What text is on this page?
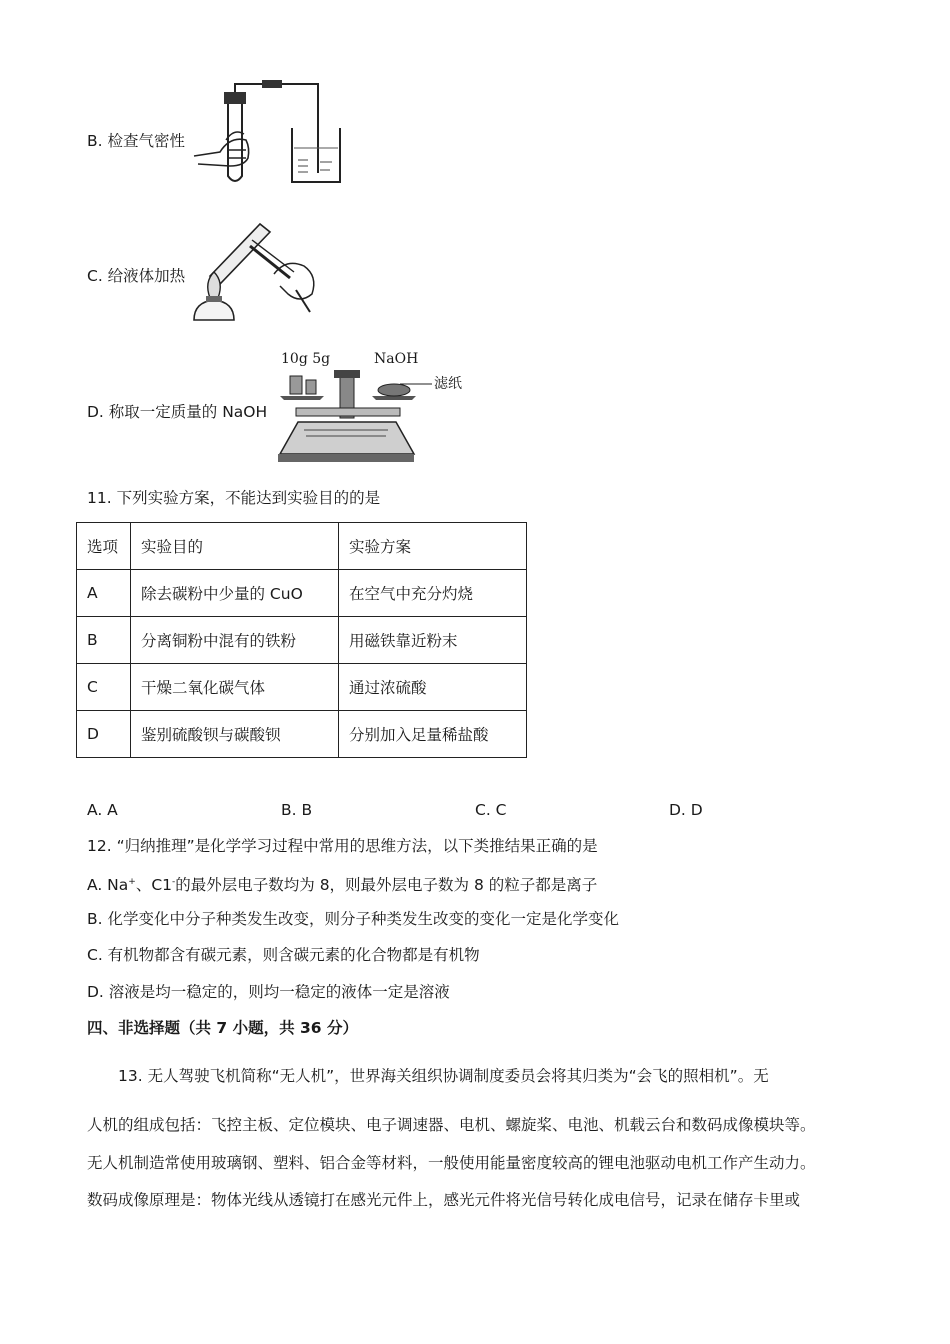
B. 检查气密性
C. 给液体加热
D. 称取一定质量的 NaOH
10g 5g	NaOH
滤纸
11. 下列实验方案，不能达到实验目的的是
选项	实验目的	实验方案
A	除去碳粉中少量的 CuO	在空气中充分灼烧
B	分离铜粉中混有的铁粉	用磁铁靠近粉末
C	干燥二氧化碳气体	通过浓硫酸
D	鉴别硫酸钡与碳酸钡	分别加入足量稀盐酸
A. A	B. B	C. C	D. D
12. “归纳推理”是化学学习过程中常用的思维方法，以下类推结果正确的是
A. Na+、C1-的最外层电子数均为 8，则最外层电子数为 8 的粒子都是离子
B. 化学变化中分子种类发生改变，则分子种类发生改变的变化一定是化学变化
C. 有机物都含有碳元素，则含碳元素的化合物都是有机物
D. 溶液是均一稳定的，则均一稳定的液体一定是溶液
四、非选择题（共 7 小题，共 36 分）
13. 无人驾驶飞机简称“无人机”，世界海关组织协调制度委员会将其归类为“会飞的照相机”。无
人机的组成包括：飞控主板、定位模块、电子调速器、电机、螺旋桨、电池、机载云台和数码成像模块等。
无人机制造常使用玻璃钢、塑料、铝合金等材料，一般使用能量密度较高的锂电池驱动电机工作产生动力。
数码成像原理是：物体光线从透镜打在感光元件上，感光元件将光信号转化成电信号，记录在储存卡里或
